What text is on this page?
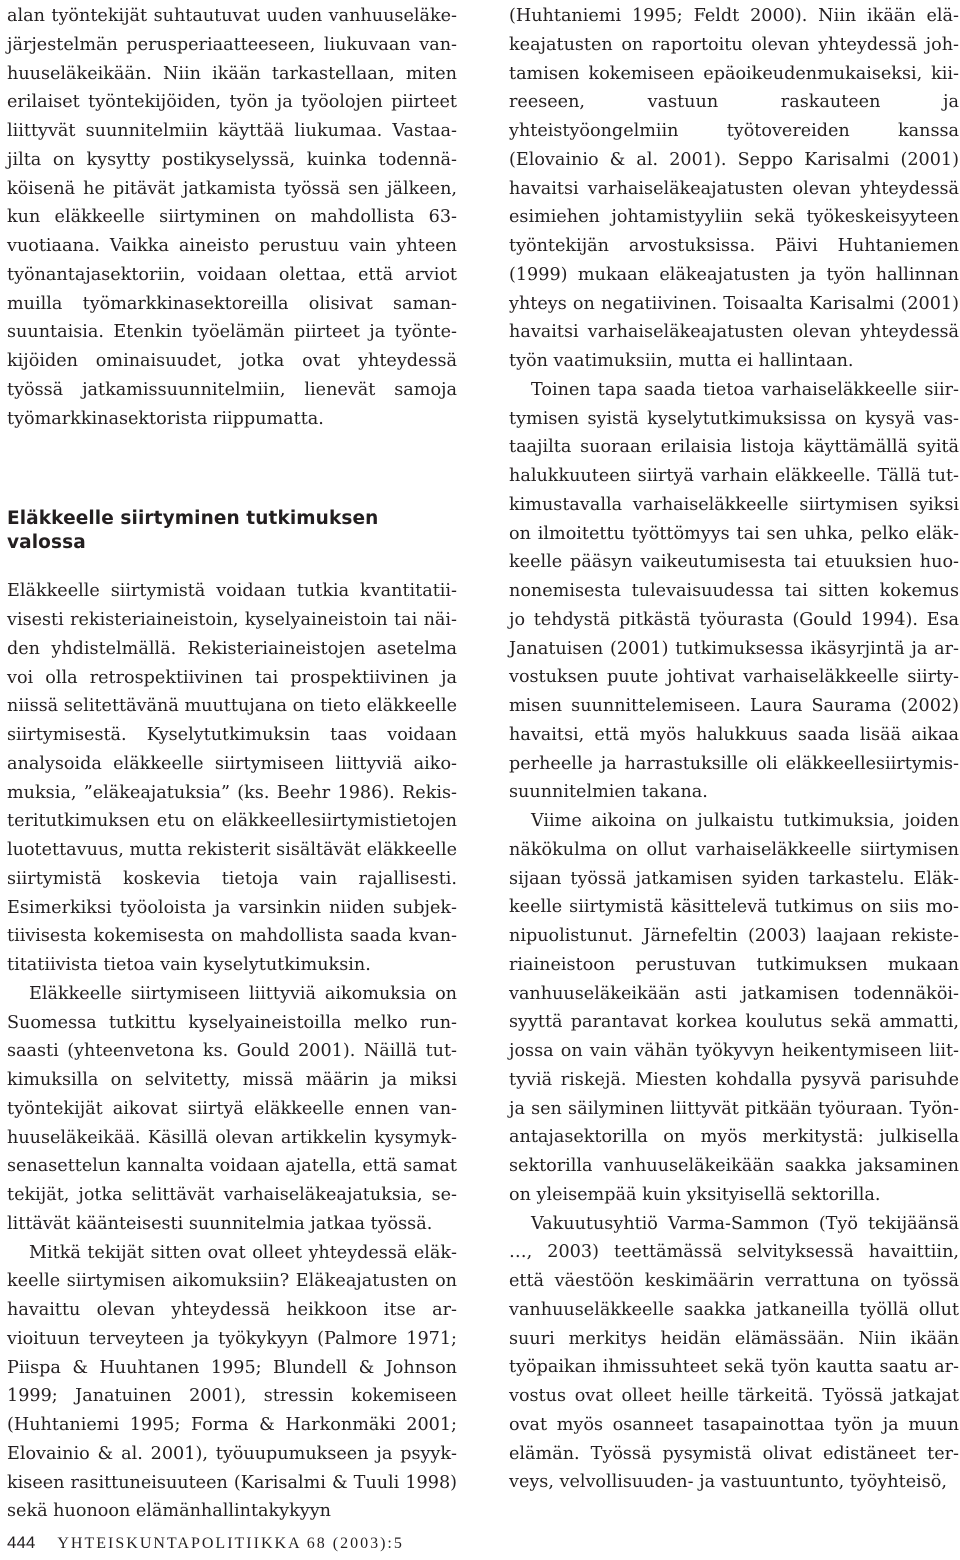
alan työntekijät suhtautuvat uuden vanhuuseläkejärjestelmän perusperiaatteeseen, liukuvaan vanhuuseläkeikään. Niin ikään tarkastellaan, miten erilaiset työntekijöiden, työn ja työolojen piirteet liittyvät suunnitelmiin käyttää liukumaa. Vastaajilta on kysytty postikyselyssä, kuinka todennäköisenä he pitävät jatkamista työssä sen jälkeen, kun eläkkeelle siirtyminen on mahdollista 63-vuotiaana. Vaikka aineisto perustuu vain yhteen työnantajasektoriin, voidaan olettaa, että arviot muilla työmarkkinasektoreilla olisivat samansuuntaisia. Etenkin työelämän piirteet ja työntekijöiden ominaisuudet, jotka ovat yhteydessä työssä jatkamissuunnitelmiin, lienevät samoja työmarkkinasektorista riippumatta.

Eläkkeelle siirtyminen tutkimuksen valossa

Eläkkeelle siirtymistä voidaan tutkia kvantitatiivisesti rekisteriaineistoin, kyselyaineistoin tai näiden yhdistelmällä. Rekisteriaineistojen asetelma voi olla retrospektiivinen tai prospektiivinen ja niissä selitettävänä muuttujana on tieto eläkkeelle siirtymisestä. Kyselytutkimuksin taas voidaan analysoida eläkkeelle siirtymiseen liittyviä aikomuksia, ”eläkeajatuksia” (ks. Beehr 1986). Rekisteritutkimuksen etu on eläkkeellesiirtymistietojen luotettavuus, mutta rekisterit sisältävät eläkkeelle siirtymistä koskevia tietoja vain rajallisesti. Esimerkiksi työoloista ja varsinkin niiden subjektiivisesta kokemisesta on mahdollista saada kvantitatiivista tietoa vain kyselytutkimuksin.

Eläkkeelle siirtymiseen liittyviä aikomuksia on Suomessa tutkittu kyselyaineistoilla melko runsaasti (yhteenvetona ks. Gould 2001). Näillä tutkimuksilla on selvitetty, missä määrin ja miksi työntekijät aikovat siirtyä eläkkeelle ennen vanhuuseläkeikää. Käsillä olevan artikkelin kysymyksenasettelun kannalta voidaan ajatella, että samat tekijät, jotka selittävät varhaiseläkeajatuksia, selittävät käänteisesti suunnitelmia jatkaa työssä.

Mitkä tekijät sitten ovat olleet yhteydessä eläkkeelle siirtymisen aikomuksiin? Eläkeajatusten on havaittu olevan yhteydessä heikkoon itse arvioituun terveyteen ja työkykyyn (Palmore 1971; Piispa & Huuhtanen 1995; Blundell & Johnson 1999; Janatuinen 2001), stressin kokemiseen (Huhtaniemi 1995; Forma & Harkonmäki 2001; Elovainio & al. 2001), työuupumukseen ja psyykkiseen rasittuneisuuteen (Karisalmi & Tuuli 1998) sekä huonoon elämänhallintakykyyn

(Huhtaniemi 1995; Feldt 2000). Niin ikään eläkeajatusten on raportoitu olevan yhteydessä johtamisen kokemiseen epäoikeudenmukaiseksi, kiireeseen, vastuun raskauteen ja yhteistyöongelmiin työtovereiden kanssa (Elovainio & al. 2001). Seppo Karisalmi (2001) havaitsi varhaiseläkeajatusten olevan yhteydessä esimiehen johtamistyyliin sekä työkeskeisyyteen työntekijän arvostuksissa. Päivi Huhtaniemen (1999) mukaan eläkeajatusten ja työn hallinnan yhteys on negatiivinen. Toisaalta Karisalmi (2001) havaitsi varhaiseläkeajatusten olevan yhteydessä työn vaatimuksiin, mutta ei hallintaan.

Toinen tapa saada tietoa varhaiseläkkeelle siirtymisen syistä kyselytutkimuksissa on kysyä vastaajilta suoraan erilaisia listoja käyttämällä syitä halukkuuteen siirtyä varhain eläkkeelle. Tällä tutkimustavalla varhaiseläkkeelle siirtymisen syiksi on ilmoitettu työttömyys tai sen uhka, pelko eläkkeelle pääsyn vaikeutumisesta tai etuuksien huononemisesta tulevaisuudessa tai sitten kokemus jo tehdystä pitkästä työurasta (Gould 1994). Esa Janatuisen (2001) tutkimuksessa ikäsyrjintä ja arvostuksen puute johtivat varhaiseläkkeelle siirtymisen suunnittelemiseen. Laura Saurama (2002) havaitsi, että myös halukkuus saada lisää aikaa perheelle ja harrastuksille oli eläkkeellesiirtymissuunnitelmien takana.

Viime aikoina on julkaistu tutkimuksia, joiden näkökulma on ollut varhaiseläkkeelle siirtymisen sijaan työssä jatkamisen syiden tarkastelu. Eläkkeelle siirtymistä käsittelevä tutkimus on siis monipuolistunut. Järnefeltin (2003) laajaan rekisteriaineistoon perustuvan tutkimuksen mukaan vanhuuseläkeikään asti jatkamisen todennäköisyyttä parantavat korkea koulutus sekä ammatti, jossa on vain vähän työkyvyn heikentymiseen liittyviä riskejä. Miesten kohdalla pysyvä parisuhde ja sen säilyminen liittyvät pitkään työuraan. Työnantajasektorilla on myös merkitystä: julkisella sektorilla vanhuuseläkeikään saakka jaksaminen on yleisempää kuin yksityisellä sektorilla.

Vakuutusyhtiö Varma-Sammon (Työ tekijäänsä …, 2003) teettämässä selvityksessä havaittiin, että väestöön keskimäärin verrattuna on työssä vanhuuseläkkeelle saakka jatkaneilla työllä ollut suuri merkitys heidän elämässään. Niin ikään työpaikan ihmissuhteet sekä työn kautta saatu arvostus ovat olleet heille tärkeitä. Työssä jatkajat ovat myös osanneet tasapainottaa työn ja muun elämän. Työssä pysymistä olivat edistäneet terveys, velvollisuuden- ja vastuuntunto, työyhteisö,

444 YHTEISKUNTAPOLITIIKKA 68 (2003):5
